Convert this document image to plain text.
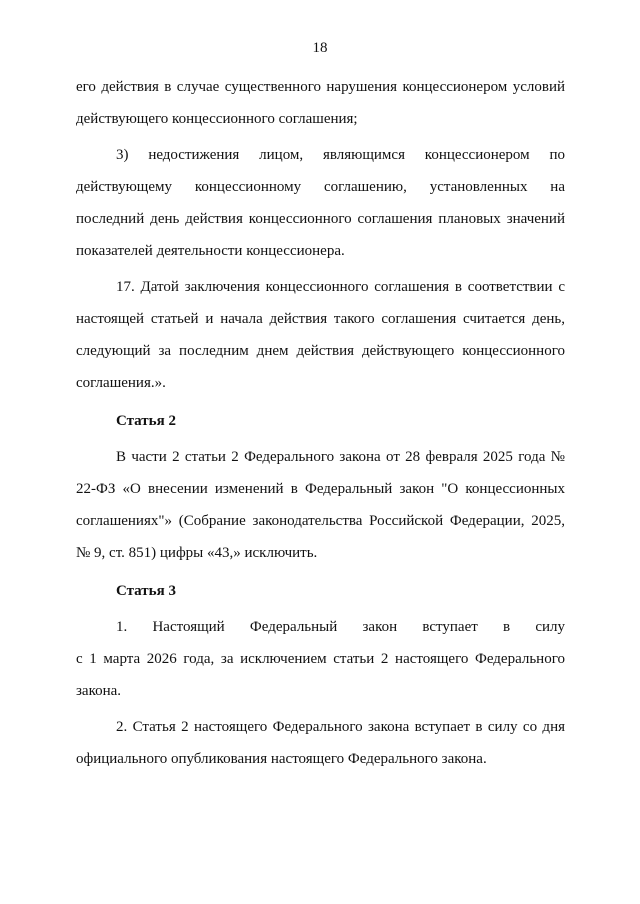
18

его действия в случае существенного нарушения концессионером условий

действующего концессионного соглашения;

3) недостижения лицом, являющимся концессионером по

действующему концессионному соглашению, установленных на

последний день действия концессионного соглашения плановых значений показателей деятельности концессионера.

17. Датой заключения концессионного соглашения в соответствии с настоящей статьей и начала действия такого соглашения считается день, следующий за последним днем действия действующего концессионного соглашения.».

Статья 2

В части 2 статьи 2 Федерального закона от 28 февраля 2025 года № 22-ФЗ «О внесении изменений в Федеральный закон "О концессионных соглашениях"» (Собрание законодательства Российской Федерации, 2025, № 9, ст. 851) цифры «43,» исключить.

Статья 3

1. Настоящий Федеральный закон вступает в силу

с 1 марта 2026 года, за исключением статьи 2 настоящего Федерального закона.

2. Статья 2 настоящего Федерального закона вступает в силу со дня официального опубликования настоящего Федерального закона.
